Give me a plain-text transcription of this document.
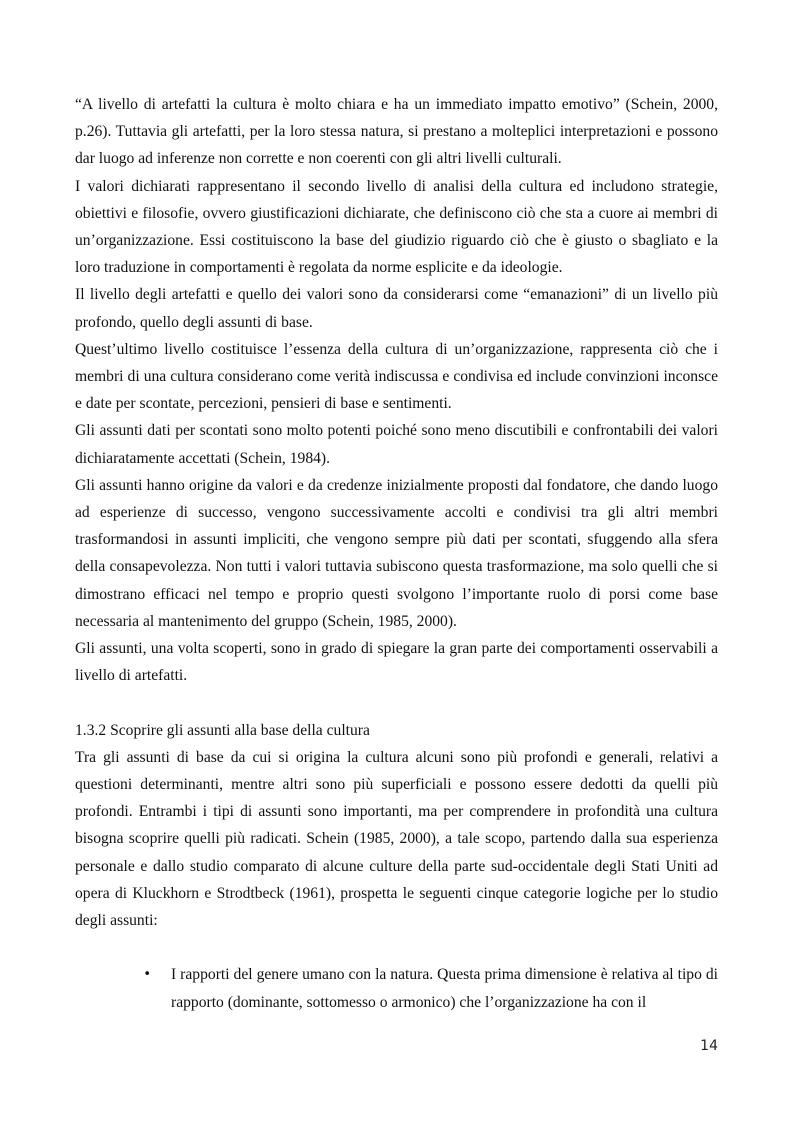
“A livello di artefatti la cultura è molto chiara e ha un immediato impatto emotivo” (Schein, 2000, p.26). Tuttavia gli artefatti, per la loro stessa natura, si prestano a molteplici interpretazioni e possono dar luogo ad inferenze non corrette e non coerenti con gli altri livelli culturali.

I valori dichiarati rappresentano il secondo livello di analisi della cultura ed includono strategie, obiettivi e filosofie, ovvero giustificazioni dichiarate, che definiscono ciò che sta a cuore ai membri di un’organizzazione. Essi costituiscono la base del giudizio riguardo ciò che è giusto o sbagliato e la loro traduzione in comportamenti è regolata da norme esplicite e da ideologie.

Il livello degli artefatti e quello dei valori sono da considerarsi come “emanazioni” di un livello più profondo, quello degli assunti di base.

Quest’ultimo livello costituisce l’essenza della cultura di un’organizzazione, rappresenta ciò che i membri di una cultura considerano come verità indiscussa e condivisa ed include convinzioni inconsce e date per scontate, percezioni, pensieri di base e sentimenti.

Gli assunti dati per scontati sono molto potenti poiché sono meno discutibili e confrontabili dei valori dichiaratamente accettati (Schein, 1984).

Gli assunti hanno origine da valori e da credenze inizialmente proposti dal fondatore, che dando luogo ad esperienze di successo, vengono successivamente accolti e condivisi tra gli altri membri trasformandosi in assunti impliciti, che vengono sempre più dati per scontati, sfuggendo alla sfera della consapevolezza. Non tutti i valori tuttavia subiscono questa trasformazione, ma solo quelli che si dimostrano efficaci nel tempo e proprio questi svolgono l’importante ruolo di porsi come base necessaria al mantenimento del gruppo (Schein, 1985, 2000).

Gli assunti, una volta scoperti, sono in grado di spiegare la gran parte dei comportamenti osservabili a livello di artefatti.

1.3.2 Scoprire gli assunti alla base della cultura

Tra gli assunti di base da cui si origina la cultura alcuni sono più profondi e generali, relativi a questioni determinanti, mentre altri sono più superficiali e possono essere dedotti da quelli più profondi. Entrambi i tipi di assunti sono importanti, ma per comprendere in profondità una cultura bisogna scoprire quelli più radicati. Schein (1985, 2000), a tale scopo, partendo dalla sua esperienza personale e dallo studio comparato di alcune culture della parte sud-occidentale degli Stati Uniti ad opera di Kluckhorn e Strodtbeck (1961), prospetta le seguenti cinque categorie logiche per lo studio degli assunti:

•	I rapporti del genere umano con la natura. Questa prima dimensione è relativa al tipo di rapporto (dominante, sottomesso o armonico) che l’organizzazione ha con il
14
